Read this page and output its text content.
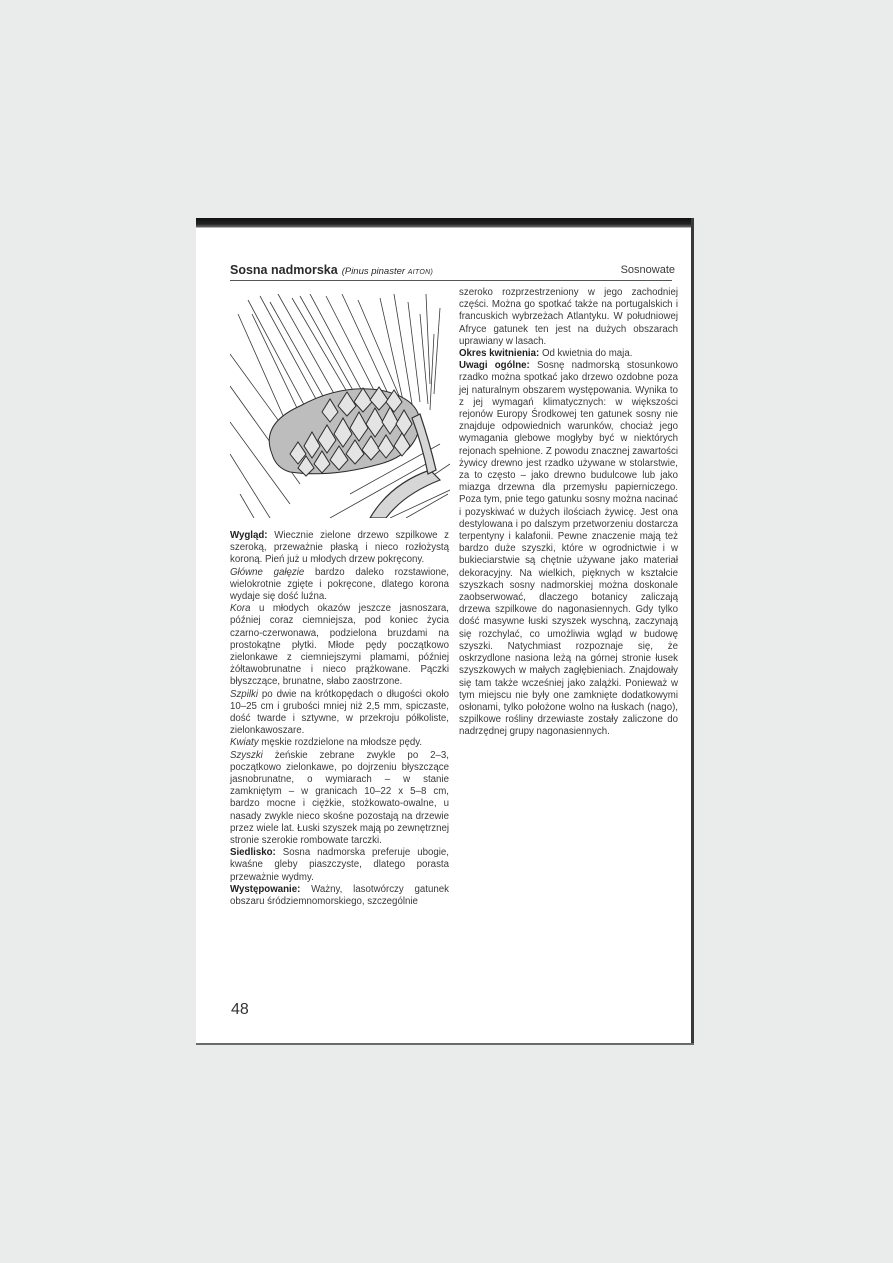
Sosna nadmorska (Pinus pinaster AITON)	Sosnowate

Wygląd: Wiecznie zielone drzewo szpilkowe z szeroką, przeważnie płaską i nieco rozłożystą koroną. Pień już u młodych drzew pokręcony.

Główne gałęzie bardzo daleko rozstawione, wielokrotnie zgięte i pokręcone, dlatego korona wydaje się dość luźna.

Kora u młodych okazów jeszcze jasnoszara, później coraz ciemniejsza, pod koniec życia czarno-czerwonawa, podzielona bruzdami na prostokątne płytki. Młode pędy początkowo zielonkawe z ciemniejszymi plamami, później żółtawobrunatne i nieco prążkowane. Pączki błyszczące, brunatne, słabo zaostrzone.

Szpilki po dwie na krótkopędach o długości około 10–25 cm i grubości mniej niż 2,5 mm, spiczaste, dość twarde i sztywne, w przekroju półkoliste, zielonkawoszare.

Kwiaty męskie rozdzielone na młodsze pędy.

Szyszki żeńskie zebrane zwykle po 2–3, początkowo zielonkawe, po dojrzeniu błyszczące jasnobrunatne, o wymiarach – w stanie zamkniętym – w granicach 10–22 x 5–8 cm, bardzo mocne i ciężkie, stożkowato-owalne, u nasady zwykle nieco skośne pozostają na drzewie przez wiele lat. Łuski szyszek mają po zewnętrznej stronie szerokie rombowate tarczki.

Siedlisko: Sosna nadmorska preferuje ubogie, kwaśne gleby piaszczyste, dlatego porasta przeważnie wydmy.

Występowanie: Ważny, lasotwórczy gatunek obszaru śródziemnomorskiego, szczególnie

szeroko rozprzestrzeniony w jego zachodniej części. Można go spotkać także na portugalskich i francuskich wybrzeżach Atlantyku. W południowej Afryce gatunek ten jest na dużych obszarach uprawiany w lasach.

Okres kwitnienia: Od kwietnia do maja.

Uwagi ogólne: Sosnę nadmorską stosunkowo rzadko można spotkać jako drzewo ozdobne poza jej naturalnym obszarem występowania. Wynika to z jej wymagań klimatycznych: w większości rejonów Europy Środkowej ten gatunek sosny nie znajduje odpowiednich warunków, chociaż jego wymagania glebowe mogłyby być w niektórych rejonach spełnione. Z powodu znacznej zawartości żywicy drewno jest rzadko używane w stolarstwie, za to często – jako drewno budulcowe lub jako miazga drzewna dla przemysłu papierniczego. Poza tym, pnie tego gatunku sosny można nacinać i pozyskiwać w dużych ilościach żywicę. Jest ona destylowana i po dalszym przetworzeniu dostarcza terpentyny i kalafonii. Pewne znaczenie mają też bardzo duże szyszki, które w ogrodnictwie i w bukieciarstwie są chętnie używane jako materiał dekoracyjny. Na wielkich, pięknych w kształcie szyszkach sosny nadmorskiej można doskonale zaobserwować, dlaczego botanicy zaliczają drzewa szpilkowe do nagonasiennych. Gdy tylko dość masywne łuski szyszek wyschną, zaczynają się rozchylać, co umożliwia wgląd w budowę szyszki. Natychmiast rozpoznaje się, że oskrzydlone nasiona leżą na górnej stronie łusek szyszkowych w małych zagłębieniach. Znajdowały się tam także wcześniej jako zalążki. Ponieważ w tym miejscu nie były one zamknięte dodatkowymi osłonami, tylko położone wolno na łuskach (nago), szpilkowe rośliny drzewiaste zostały zaliczone do nadrzędnej grupy nagonasiennych.

48
